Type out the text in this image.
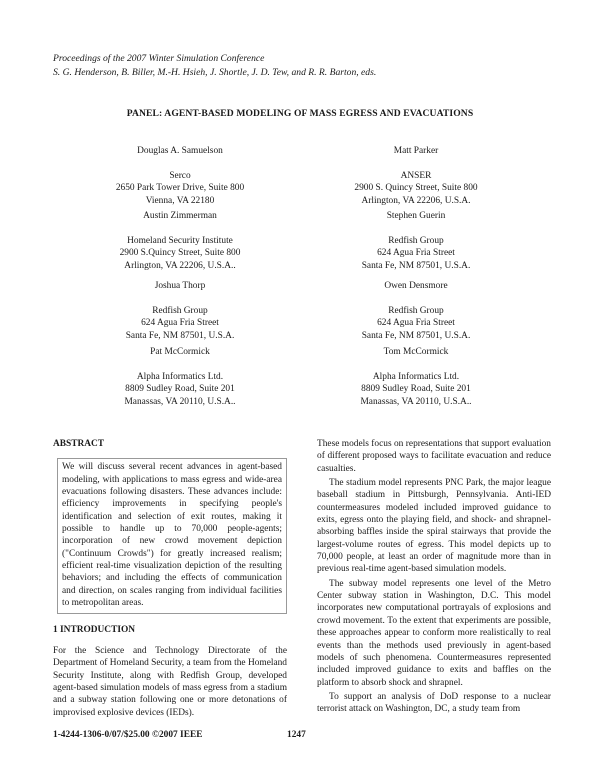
Proceedings of the 2007 Winter Simulation Conference
S. G. Henderson, B. Biller, M.-H. Hsieh, J. Shortle, J. D. Tew, and R. R. Barton, eds.
PANEL: AGENT-BASED MODELING OF MASS EGRESS AND EVACUATIONS
Douglas A. Samuelson
Serco
2650 Park Tower Drive, Suite 800
Vienna, VA 22180
Austin Zimmerman
Homeland Security Institute
2900 S.Quincy Street, Suite 800
Arlington, VA 22206, U.S.A..
Joshua Thorp
Redfish Group
624 Agua Fria Street
Santa Fe, NM 87501, U.S.A.
Pat McCormick
Alpha Informatics Ltd.
8809 Sudley Road, Suite 201
Manassas, VA 20110, U.S.A..
Matt Parker
ANSER
2900 S. Quincy Street, Suite 800
Arlington, VA 22206, U.S.A.
Stephen Guerin
Redfish Group
624 Agua Fria Street
Santa Fe, NM 87501, U.S.A.
Owen Densmore
Redfish Group
624 Agua Fria Street
Santa Fe, NM 87501, U.S.A.
Tom McCormick
Alpha Informatics Ltd.
8809 Sudley Road, Suite 201
Manassas, VA 20110, U.S.A..
ABSTRACT

We will discuss several recent advances in agent-based modeling, with applications to mass egress and wide-area evacuations following disasters. These advances include: efficiency improvements in specifying people's identification and selection of exit routes, making it possible to handle up to 70,000 people-agents; incorporation of new crowd movement depiction ("Continuum Crowds") for greatly increased realism; efficient real-time visualization depiction of the resulting behaviors; and including the effects of communication and direction, on scales ranging from individual facilities to metropolitan areas.

1 INTRODUCTION

For the Science and Technology Directorate of the Department of Homeland Security, a team from the Homeland Security Institute, along with Redfish Group, developed agent-based simulation models of mass egress from a stadium and a subway station following one or more detonations of improvised explosive devices (IEDs).

These models focus on representations that support evaluation of different proposed ways to facilitate evacuation and reduce casualties.

The stadium model represents PNC Park, the major league baseball stadium in Pittsburgh, Pennsylvania. Anti-IED countermeasures modeled included improved guidance to exits, egress onto the playing field, and shock- and shrapnel-absorbing baffles inside the spiral stairways that provide the largest-volume routes of egress. This model depicts up to 70,000 people, at least an order of magnitude more than in previous real-time agent-based simulation models.

The subway model represents one level of the Metro Center subway station in Washington, D.C. This model incorporates new computational portrayals of explosions and crowd movement. To the extent that experiments are possible, these approaches appear to conform more realistically to real events than the methods used previously in agent-based models of such phenomena. Countermeasures represented included improved guidance to exits and baffles on the platform to absorb shock and shrapnel.

To support an analysis of DoD response to a nuclear terrorist attack on Washington, DC, a study team from

1-4244-1306-0/07/$25.00 ©2007 IEEE	1247
